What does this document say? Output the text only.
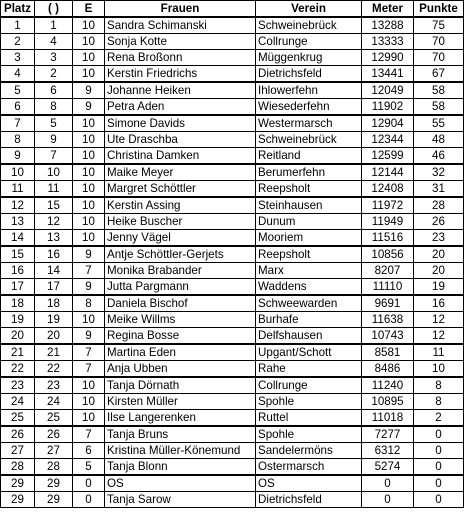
Platz	( )	E	Frauen	Verein	Meter	Punkte
1	1	10	Sandra Schimanski	Schweinebrück	13288	75
2	4	10	Sonja Kotte	Collrunge	13333	70
3	3	10	Rena Broßonn	Müggenkrug	12990	70
4	2	10	Kerstin Friedrichs	Dietrichsfeld	13441	67
5	6	9	Johanne Heiken	Ihlowerfehn	12049	58
6	8	9	Petra Aden	Wiesederfehn	11902	58
7	5	10	Simone Davids	Westermarsch	12904	55
8	9	10	Ute Draschba	Schweinebrück	12344	48
9	7	10	Christina Damken	Reitland	12599	46
10	10	10	Maike Meyer	Berumerfehn	12144	32
11	11	10	Margret Schöttler	Reepsholt	12408	31
12	15	10	Kerstin Assing	Steinhausen	11972	28
13	12	10	Heike Buscher	Dunum	11949	26
14	13	10	Jenny Vägel	Mooriem	11516	23
15	16	9	Antje Schöttler-Gerjets	Reepsholt	10856	20
16	14	7	Monika Brabander	Marx	8207	20
17	17	9	Jutta Pargmann	Waddens	11110	19
18	18	8	Daniela Bischof	Schweewarden	9691	16
19	19	10	Meike Willms	Burhafe	11638	12
20	20	9	Regina Bosse	Delfshausen	10743	12
21	21	7	Martina Eden	Upgant/Schott	8581	11
22	22	7	Anja Ubben	Rahe	8486	10
23	23	10	Tanja Dörnath	Collrunge	11240	8
24	24	10	Kirsten Müller	Spohle	10895	8
25	25	10	Ilse Langerenken	Ruttel	11018	2
26	26	7	Tanja Bruns	Spohle	7277	0
27	27	6	Kristina Müller-Könemund	Sandelermöns	6312	0
28	28	5	Tanja Blonn	Ostermarsch	5274	0
29	29	0	OS	OS	0	0
29	29	0	Tanja Sarow	Dietrichsfeld	0	0
